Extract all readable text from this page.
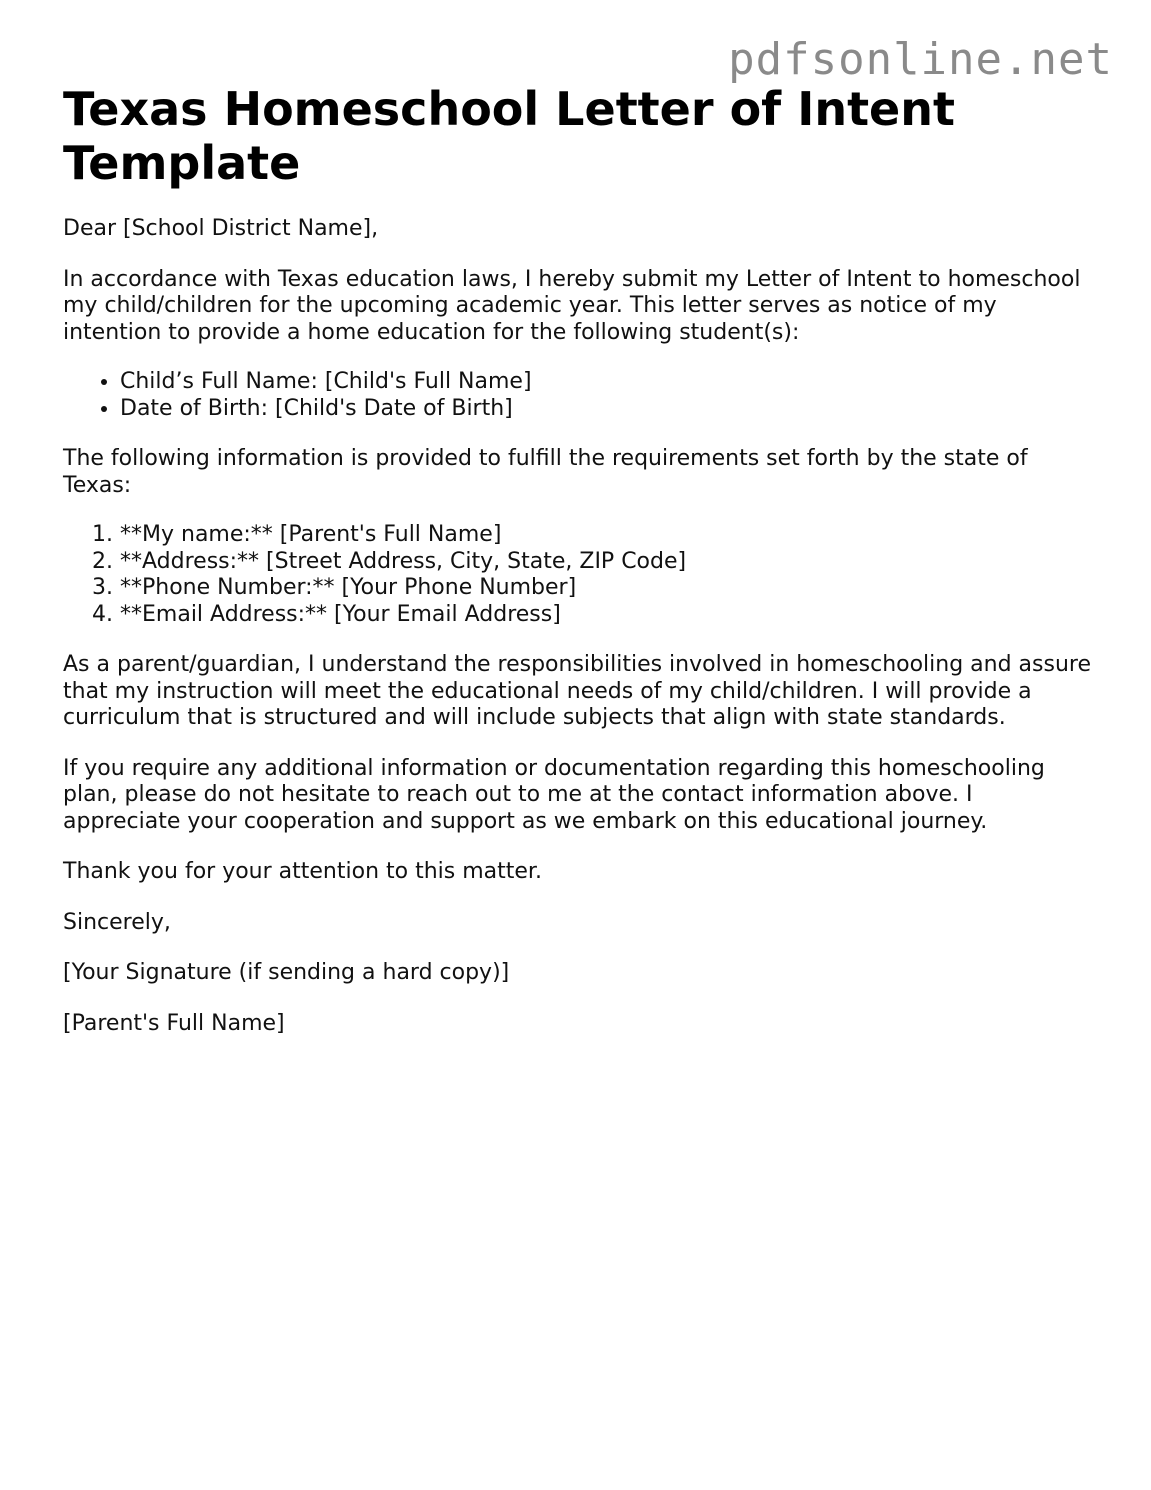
pdfsonline.net
Texas Homeschool Letter of Intent Template

Dear [School District Name],

In accordance with Texas education laws, I hereby submit my Letter of Intent to homeschool my child/children for the upcoming academic year. This letter serves as notice of my intention to provide a home education for the following student(s):

• Child’s Full Name: [Child's Full Name]
• Date of Birth: [Child's Date of Birth]

The following information is provided to fulfill the requirements set forth by the state of Texas:

1. **My name:** [Parent's Full Name]
2. **Address:** [Street Address, City, State, ZIP Code]
3. **Phone Number:** [Your Phone Number]
4. **Email Address:** [Your Email Address]

As a parent/guardian, I understand the responsibilities involved in homeschooling and assure that my instruction will meet the educational needs of my child/children. I will provide a curriculum that is structured and will include subjects that align with state standards.

If you require any additional information or documentation regarding this homeschooling plan, please do not hesitate to reach out to me at the contact information above. I appreciate your cooperation and support as we embark on this educational journey.

Thank you for your attention to this matter.

Sincerely,

[Your Signature (if sending a hard copy)]

[Parent's Full Name]
